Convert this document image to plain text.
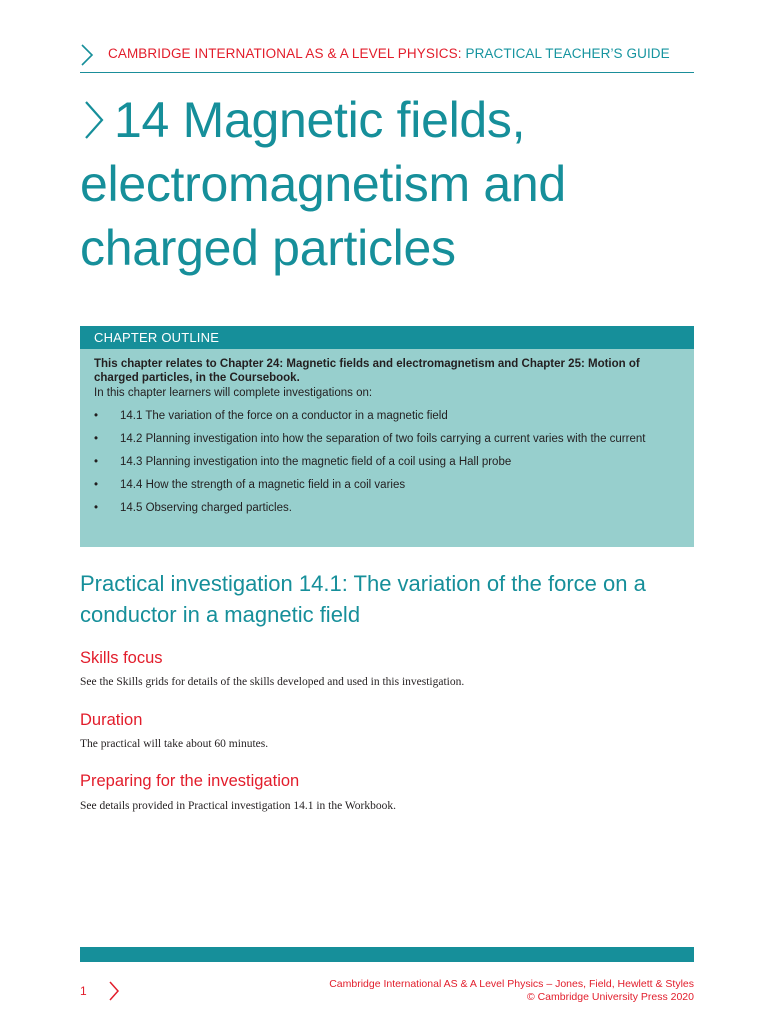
CAMBRIDGE INTERNATIONAL AS & A LEVEL PHYSICS: PRACTICAL TEACHER’S GUIDE
14 Magnetic fields,
electromagnetism and
charged particles
CHAPTER OUTLINE
This chapter relates to Chapter 24: Magnetic fields and electromagnetism and Chapter 25: Motion of charged particles, in the Coursebook.
In this chapter learners will complete investigations on:
• 14.1 The variation of the force on a conductor in a magnetic field
• 14.2 Planning investigation into how the separation of two foils carrying a current varies with the current
• 14.3 Planning investigation into the magnetic field of a coil using a Hall probe
• 14.4 How the strength of a magnetic field in a coil varies
• 14.5 Observing charged particles.
Practical investigation 14.1: The variation of the force on a conductor in a magnetic field
Skills focus
See the Skills grids for details of the skills developed and used in this investigation.
Duration
The practical will take about 60 minutes.
Preparing for the investigation
See details provided in Practical investigation 14.1 in the Workbook.
1	Cambridge International AS & A Level Physics – Jones, Field, Hewlett & Styles
© Cambridge University Press 2020
